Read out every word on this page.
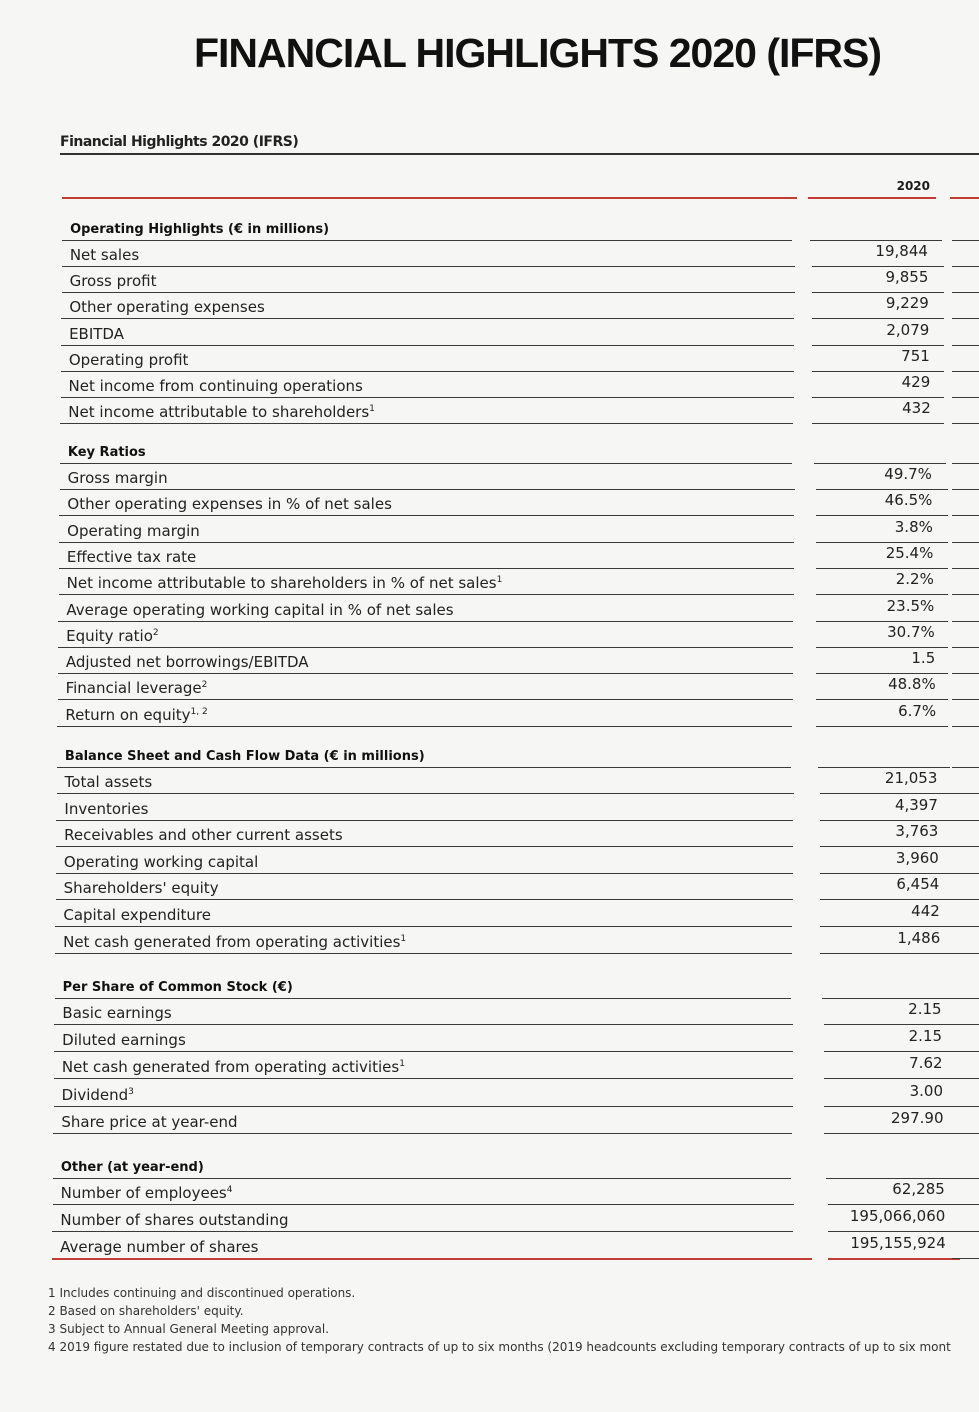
FINANCIAL HIGHLIGHTS 2020 (IFRS)
Financial Highlights 2020 (IFRS)
2020
Operating Highlights (€ in millions)
Net sales	19,844
Gross profit	9,855
Other operating expenses	9,229
EBITDA	2,079
Operating profit	751
Net income from continuing operations	429
Net income attributable to shareholders$^1$	432
Key Ratios
Gross margin	49.7%
Other operating expenses in % of net sales	46.5%
Operating margin	3.8%
Effective tax rate	25.4%
Net income attributable to shareholders in % of net sales$^1$	2.2%
Average operating working capital in % of net sales	23.5%
Equity ratio$^2$	30.7%
Adjusted net borrowings/EBITDA	1.5
Financial leverage$^2$	48.8%
Return on equity$^{1, 2}$	6.7%
Balance Sheet and Cash Flow Data (€ in millions)
Total assets	21,053
Inventories	4,397
Receivables and other current assets	3,763
Operating working capital	3,960
Shareholders' equity	6,454
Capital expenditure	442
Net cash generated from operating activities$^1$	1,486
Per Share of Common Stock (€)
Basic earnings	2.15
Diluted earnings	2.15
Net cash generated from operating activities$^1$	7.62
Dividend$^3$	3.00
Share price at year-end	297.90
Other (at year-end)
Number of employees$^4$	62,285
Number of shares outstanding	195,066,060
Average number of shares	195,155,924
1 Includes continuing and discontinued operations.
2 Based on shareholders' equity.
3 Subject to Annual General Meeting approval.
4 2019 figure restated due to inclusion of temporary contracts of up to six months (2019 headcounts excluding temporary contracts of up to six mont
